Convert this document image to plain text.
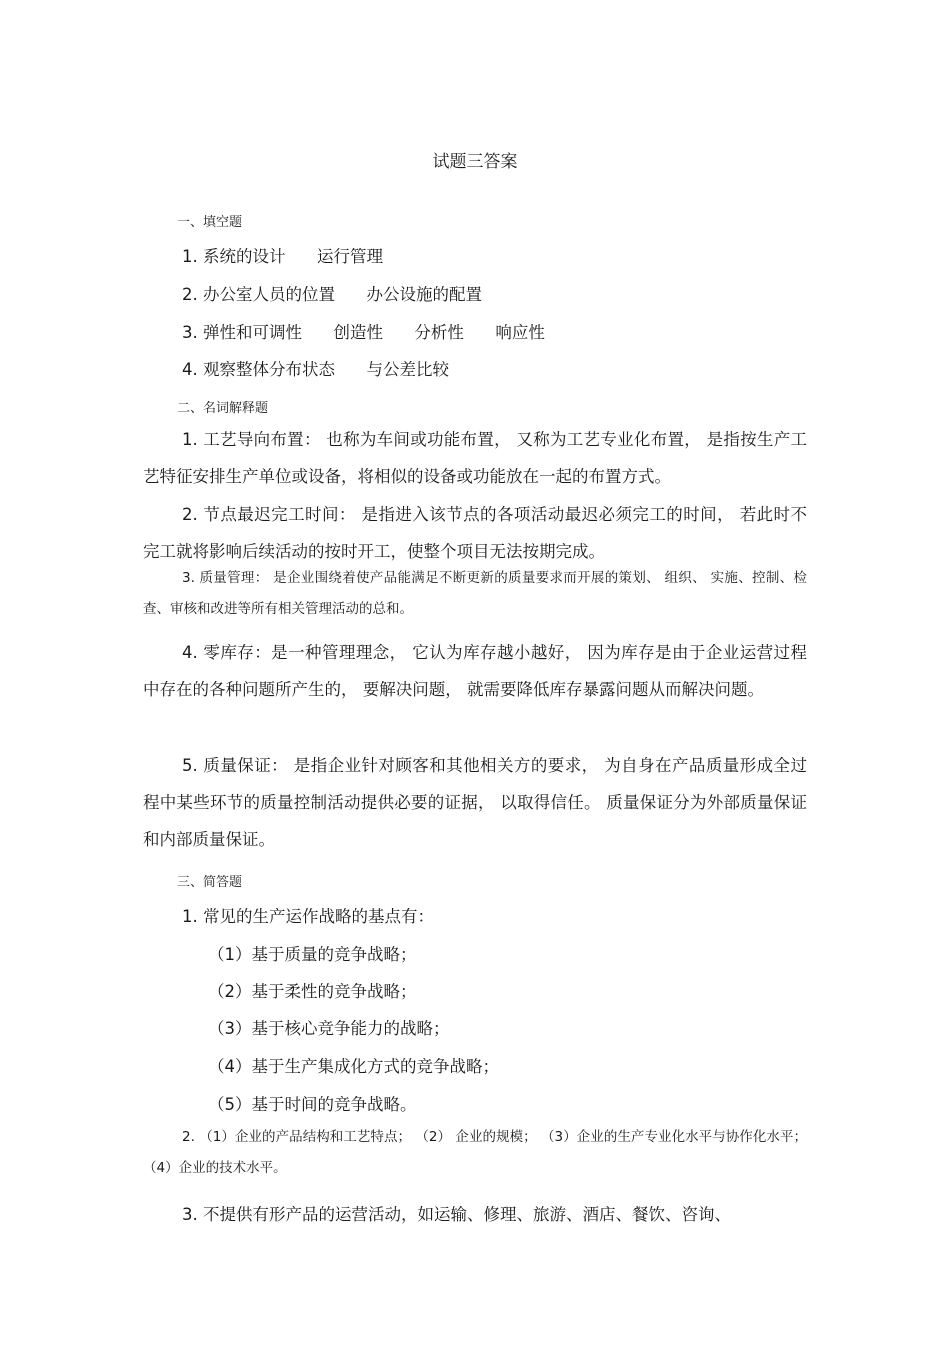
试题三答案
一、填空题
1. 系统的设计      运行管理
2. 办公室人员的位置      办公设施的配置
3. 弹性和可调性      创造性      分析性      响应性
4. 观察整体分布状态      与公差比较
二、名词解释题
1. 工艺导向布置： 也称为车间或功能布置， 又称为工艺专业化布置， 是指按生产工艺特征安排生产单位或设备，将相似的设备或功能放在一起的布置方式。
2. 节点最迟完工时间： 是指进入该节点的各项活动最迟必须完工的时间， 若此时不完工就将影响后续活动的按时开工，使整个项目无法按期完成。
3. 质量管理： 是企业围绕着使产品能满足不断更新的质量要求而开展的策划、 组织、 实施、控制、检查、审核和改进等所有相关管理活动的总和。
4. 零库存：是一种管理理念， 它认为库存越小越好， 因为库存是由于企业运营过程中存在的各种问题所产生的， 要解决问题， 就需要降低库存暴露问题从而解决问题。
5. 质量保证： 是指企业针对顾客和其他相关方的要求， 为自身在产品质量形成全过程中某些环节的质量控制活动提供必要的证据， 以取得信任。 质量保证分为外部质量保证和内部质量保证。
三、简答题
1. 常见的生产运作战略的基点有：
（1）基于质量的竞争战略；
（2）基于柔性的竞争战略；
（3）基于核心竞争能力的战略；
（4）基于生产集成化方式的竞争战略；
（5）基于时间的竞争战略。
2. （1）企业的产品结构和工艺特点； （2） 企业的规模； （3）企业的生产专业化水平与协作化水平； （4）企业的技术水平。
3. 不提供有形产品的运营活动，如运输、修理、旅游、酒店、餐饮、咨询、
